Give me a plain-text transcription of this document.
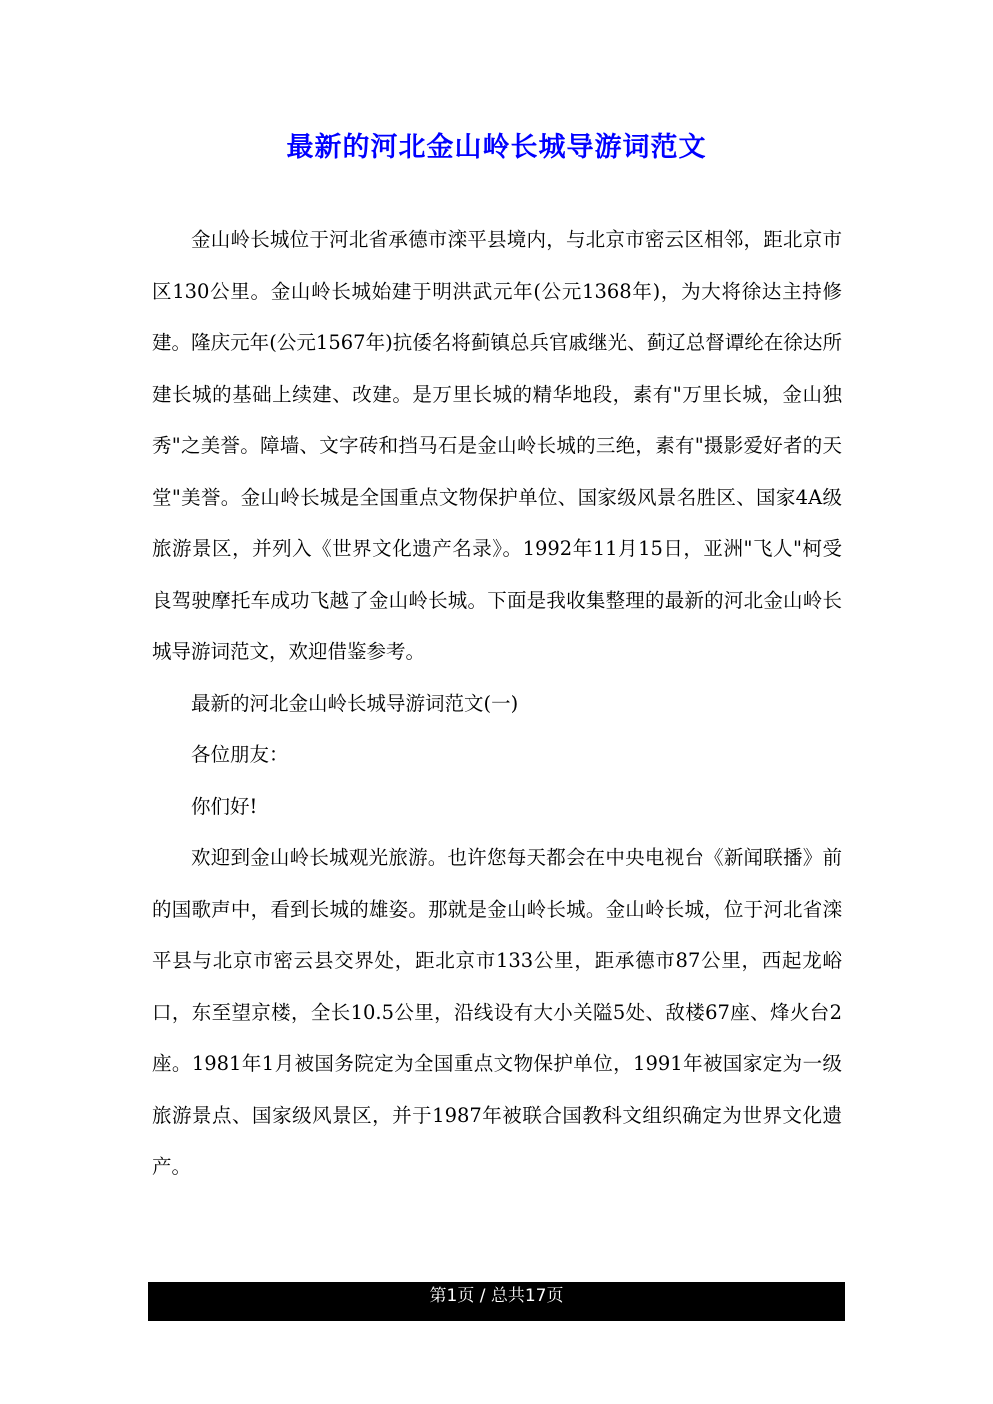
最新的河北金山岭长城导游词范文

金山岭长城位于河北省承德市滦平县境内，与北京市密云区相邻，距北京市区130公里。金山岭长城始建于明洪武元年(公元1368年)，为大将徐达主持修建。隆庆元年(公元1567年)抗倭名将蓟镇总兵官戚继光、蓟辽总督谭纶在徐达所建长城的基础上续建、改建。是万里长城的精华地段，素有"万里长城，金山独秀"之美誉。障墙、文字砖和挡马石是金山岭长城的三绝，素有"摄影爱好者的天堂"美誉。金山岭长城是全国重点文物保护单位、国家级风景名胜区、国家4A级旅游景区，并列入《世界文化遗产名录》。1992年11月15日，亚洲"飞人"柯受良驾驶摩托车成功飞越了金山岭长城。下面是我收集整理的最新的河北金山岭长城导游词范文，欢迎借鉴参考。

最新的河北金山岭长城导游词范文(一)

各位朋友：

你们好!

欢迎到金山岭长城观光旅游。也许您每天都会在中央电视台《新闻联播》前的国歌声中，看到长城的雄姿。那就是金山岭长城。金山岭长城，位于河北省滦平县与北京市密云县交界处，距北京市133公里，距承德市87公里，西起龙峪口，东至望京楼，全长10.5公里，沿线设有大小关隘5处、敌楼67座、烽火台2座。1981年1月被国务院定为全国重点文物保护单位，1991年被国家定为一级旅游景点、国家级风景区，并于1987年被联合国教科文组织确定为世界文化遗产。

第1页 / 总共17页
